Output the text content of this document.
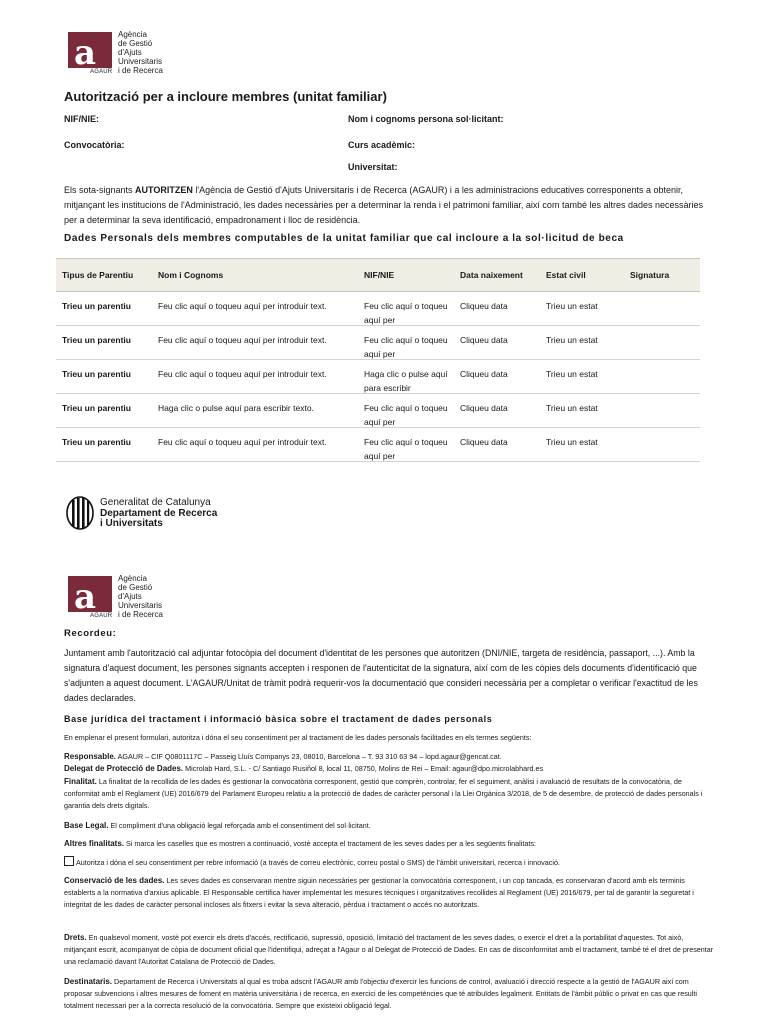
a
AGAUR
Agència
de Gestió
d'Ajuts
Universitaris
i de Recerca
Autorització per a incloure membres (unitat familiar)
NIF/NIE:	Nom i cognoms persona sol·licitant:
Convocatòria:	Curs acadèmic:
Universitat:
Els sota-signants AUTORITZEN l'Agència de Gestió d'Ajuts Universitaris i de Recerca (AGAUR) i a les administracions educatives corresponents a obtenir, mitjançant les institucions de l'Administració, les dades necessàries per a determinar la renda i el patrimoni familiar, així com també les altres dades necessàries per a determinar la seva identificació, empadronament i lloc de residència.
Dades Personals dels membres computables de la unitat familiar que cal incloure a la sol·licitud de beca
Tipus de Parentiu	Nom i Cognoms	NIF/NIE	Data naixement	Estat civil	Signatura

Trieu un parentiu	Feu clic aquí o toqueu aquí per introduir text.	Feu clic aquí o toqueu aquí per	Cliqueu data	Trieu un estat	

Trieu un parentiu	Feu clic aquí o toqueu aquí per introduir text.	Feu clic aquí o toqueu aquí per	Cliqueu data	Trieu un estat	

Trieu un parentiu	Feu clic aquí o toqueu aquí per introduir text.	Haga clic o pulse aquí para escribir	Cliqueu data	Trieu un estat	

Trieu un parentiu	Haga clic o pulse aquí para escribir texto.	Feu clic aquí o toqueu aquí per	Cliqueu data	Trieu un estat	

Trieu un parentiu	Feu clic aquí o toqueu aquí per introduir text.	Feu clic aquí o toqueu aquí per	Cliqueu data	Trieu un estat	

Generalitat de Catalunya
Departament de Recerca
i Universitats
a
AGAUR
Agència
de Gestió
d'Ajuts
Universitaris
i de Recerca
Recordeu:
Juntament amb l'autorització cal adjuntar fotocòpia del document d'identitat de les persones que autoritzen (DNI/NIE, targeta de residència, passaport, ...). Amb la signatura d'aquest document, les persones signants accepten i responen de l'autenticitat de la signatura, així com de les còpies dels documents d'identificació que s'adjunten a aquest document. L'AGAUR/Unitat de tràmit podrà requerir-vos la documentació que consideri necessària per a completar o verificar l'exactitud de les dades declarades.
Base jurídica del tractament i informació bàsica sobre el tractament de dades personals
En emplenar el present formulari, autoritza i dóna el seu consentiment per al tractament de les dades personals facilitades en els termes següents:
Responsable. AGAUR – CIF Q0801117C – Passeig Lluís Companys 23, 08010, Barcelona – T. 93 310 63 94 – lopd.agaur@gencat.cat.
Delegat de Protecció de Dades. Microlab Hard, S.L. - C/ Santiago Rusiñol 8, local 11, 08750, Molins de Rei – Email: agaur@dpo.microlabhard.es
Finalitat. La finalitat de la recollida de les dades és gestionar la convocatòria corresponent, gestió que comprèn, controlar, fer el seguiment, anàlisi i avaluació de resultats de la convocatòria, de conformitat amb el Reglament (UE) 2016/679 del Parlament Europeu relatiu a la protecció de dades de caràcter personal i la Llei Orgànica 3/2018, de 5 de desembre, de protecció de dades personals i garantia dels drets digitals.
Base Legal. El compliment d'una obligació legal reforçada amb el consentiment del sol·licitant.
Altres finalitats. Si marca les caselles que es mostren a continuació, vostè accepta el tractament de les seves dades per a les següents finalitats:
Autoritza i dóna el seu consentiment per rebre informació (a través de correu electrònic, correu postal o SMS) de l'àmbit universitari, recerca i innovació.
Conservació de les dades. Les seves dades es conservaran mentre siguin necessàries per gestionar la convocatòria corresponent, i un cop tancada, es conservaran d'acord amb els terminis establerts a la normativa d'arxius aplicable. El Responsable certifica haver implementat les mesures tècniques i organitzatives recollides al Reglament (UE) 2016/679, per tal de garantir la seguretat i integritat de les dades de caràcter personal incloses als fitxers i evitar la seva alteració, pèrdua i tractament o accés no autoritzats.
Drets. En qualsevol moment, vostè pot exercir els drets d'accés, rectificació, supressió, oposició, limitació del tractament de les seves dades, o exercir el dret a la portabilitat d'aquestes. Tot això, mitjançant escrit, acompanyat de còpia de document oficial que l'identifiqui, adreçat a l'Agaur o al Delegat de Protecció de Dades. En cas de disconformitat amb el tractament, també té el dret de presentar una reclamació davant l'Autoritat Catalana de Protecció de Dades.
Destinataris. Departament de Recerca i Universitats al qual es troba adscrit l'AGAUR amb l'objectiu d'exercir les funcions de control, avaluació i direcció respecte a la gestió de l'AGAUR així com proposar subvencions i altres mesures de foment en matèria universitària i de recerca, en exercici de les competències que té atribuïdes legalment. Entitats de l'àmbit públic o privat en cas que resulti totalment necessari per a la correcta resolució de la convocatòria. Sempre que existeixi obligació legal.
